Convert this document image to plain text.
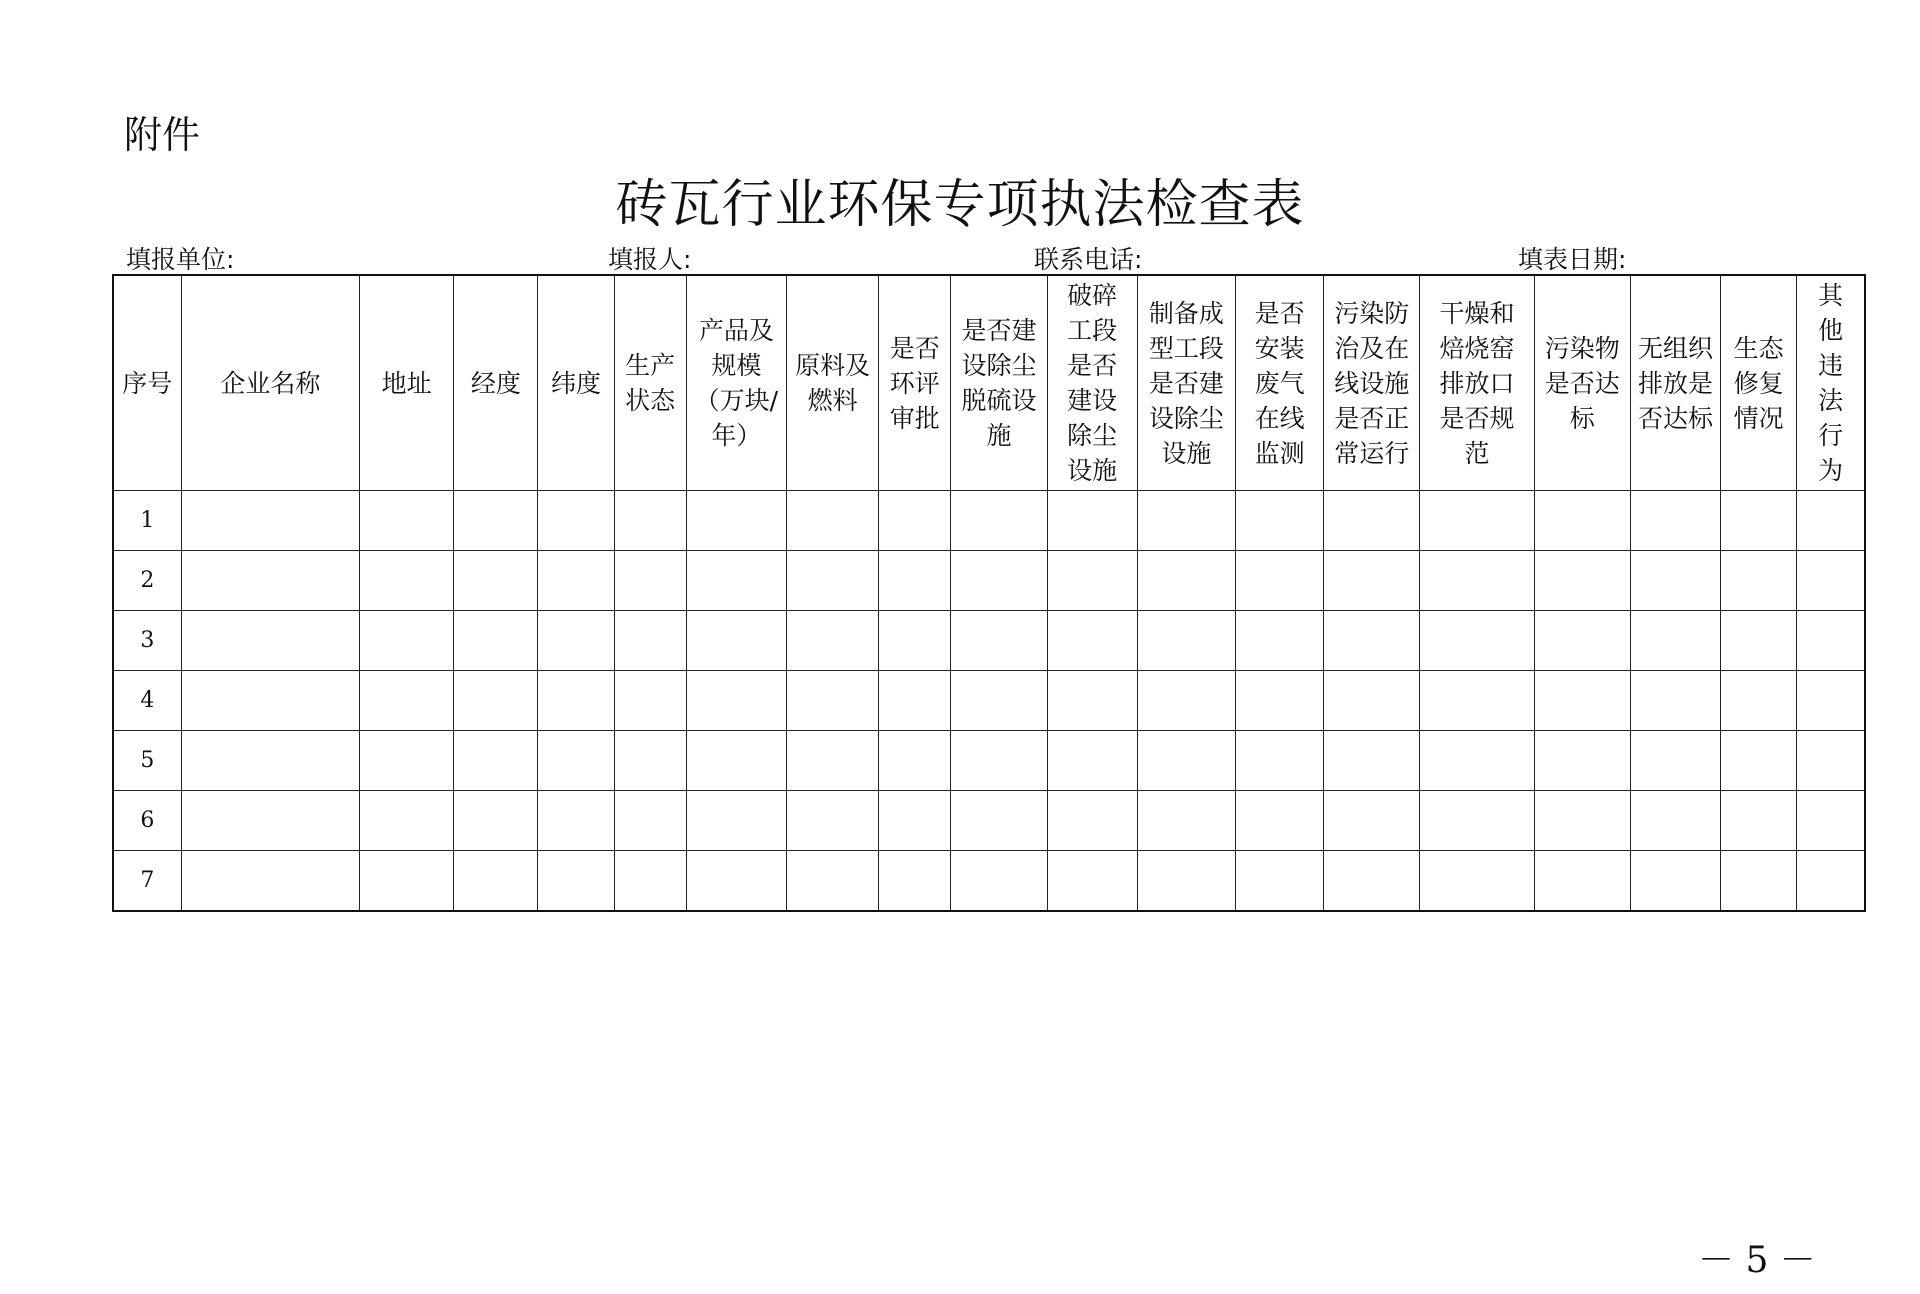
附件
砖瓦行业环保专项执法检查表
填报单位:	填报人:	联系电话:	填表日期:
序号	企业名称	地址	经度	纬度	生产状态	产品及规模（万块/年）	原料及燃料	是否环评审批	是否建设除尘脱硫设施	破碎工段是否建设除尘设施	制备成型工段是否建设除尘设施	是否安装废气在线监测	污染防治及在线设施是否正常运行	干燥和焙烧窑排放口是否规范	污染物是否达标	无组织排放是否达标	生态修复情况	其他违法行为
1																		
2																		
3																		
4																		
5																		
6																		
7																		
－ 5 －
